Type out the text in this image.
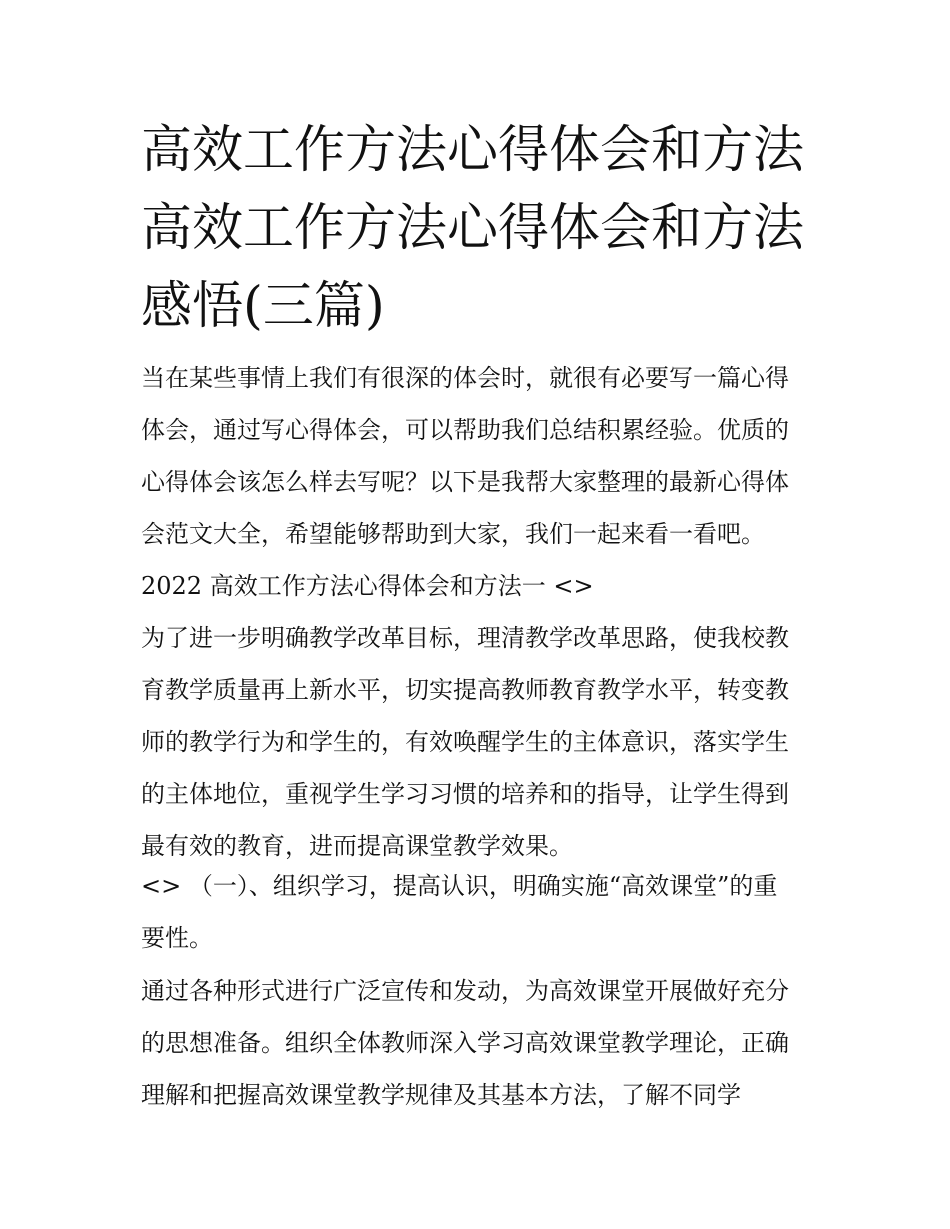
高效工作方法心得体会和方法
高效工作方法心得体会和方法
感悟(三篇)
当在某些事情上我们有很深的体会时，就很有必要写一篇心得
体会，通过写心得体会，可以帮助我们总结积累经验。优质的
心得体会该怎么样去写呢？以下是我帮大家整理的最新心得体
会范文大全，希望能够帮助到大家，我们一起来看一看吧。
2022 高效工作方法心得体会和方法一 <>
为了进一步明确教学改革目标，理清教学改革思路，使我校教
育教学质量再上新水平，切实提高教师教育教学水平，转变教
师的教学行为和学生的，有效唤醒学生的主体意识，落实学生
的主体地位，重视学生学习习惯的培养和的指导，让学生得到
最有效的教育，进而提高课堂教学效果。
<> （一）、组织学习，提高认识，明确实施“高效课堂”的重
要性。
通过各种形式进行广泛宣传和发动，为高效课堂开展做好充分
的思想准备。组织全体教师深入学习高效课堂教学理论，正确
理解和把握高效课堂教学规律及其基本方法，了解不同学
